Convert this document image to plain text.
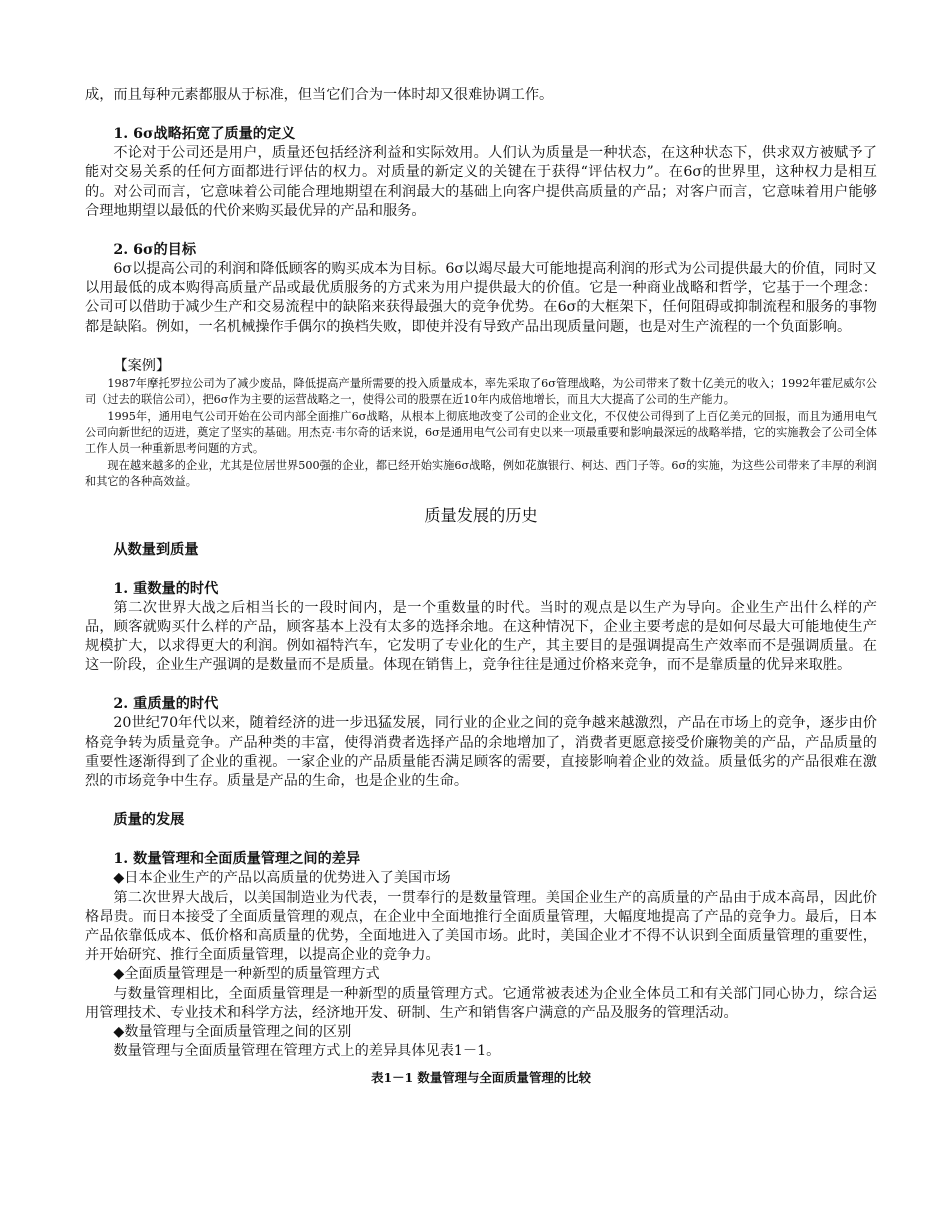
成，而且每种元素都服从于标准，但当它们合为一体时却又很难协调工作。

1. 6σ战略拓宽了质量的定义

不论对于公司还是用户，质量还包括经济利益和实际效用。人们认为质量是一种状态，在这种状态下，供求双方被赋予了能对交易关系的任何方面都进行评估的权力。对质量的新定义的关键在于获得“评估权力”。在6σ的世界里，这种权力是相互的。对公司而言，它意味着公司能合理地期望在利润最大的基础上向客户提供高质量的产品；对客户而言，它意味着用户能够合理地期望以最低的代价来购买最优异的产品和服务。

2. 6σ的目标

6σ以提高公司的利润和降低顾客的购买成本为目标。6σ以竭尽最大可能地提高利润的形式为公司提供最大的价值，同时又以用最低的成本购得高质量产品或最优质服务的方式来为用户提供最大的价值。它是一种商业战略和哲学，它基于一个理念：公司可以借助于减少生产和交易流程中的缺陷来获得最强大的竞争优势。在6σ的大框架下，任何阻碍或抑制流程和服务的事物都是缺陷。例如，一名机械操作手偶尔的换档失败，即使并没有导致产品出现质量问题，也是对生产流程的一个负面影响。

【案例】

1987年摩托罗拉公司为了减少废品，降低提高产量所需要的投入质量成本，率先采取了6σ管理战略，为公司带来了数十亿美元的收入；1992年霍尼威尔公司（过去的联信公司），把6σ作为主要的运营战略之一，使得公司的股票在近10年内成倍地增长，而且大大提高了公司的生产能力。

1995年，通用电气公司开始在公司内部全面推广6σ战略，从根本上彻底地改变了公司的企业文化，不仅使公司得到了上百亿美元的回报，而且为通用电气公司向新世纪的迈进，奠定了坚实的基础。用杰克·韦尔奇的话来说，6σ是通用电气公司有史以来一项最重要和影响最深远的战略举措，它的实施教会了公司全体工作人员一种重新思考问题的方式。

现在越来越多的企业，尤其是位居世界500强的企业，都已经开始实施6σ战略，例如花旗银行、柯达、西门子等。6σ的实施，为这些公司带来了丰厚的利润和其它的各种高效益。

质量发展的历史

从数量到质量

1. 重数量的时代

第二次世界大战之后相当长的一段时间内，是一个重数量的时代。当时的观点是以生产为导向。企业生产出什么样的产品，顾客就购买什么样的产品，顾客基本上没有太多的选择余地。在这种情况下，企业主要考虑的是如何尽最大可能地使生产规模扩大，以求得更大的利润。例如福特汽车，它发明了专业化的生产，其主要目的是强调提高生产效率而不是强调质量。在这一阶段，企业生产强调的是数量而不是质量。体现在销售上，竞争往往是通过价格来竞争，而不是靠质量的优异来取胜。

2. 重质量的时代

20世纪70年代以来，随着经济的进一步迅猛发展，同行业的企业之间的竞争越来越激烈，产品在市场上的竞争，逐步由价格竞争转为质量竞争。产品种类的丰富，使得消费者选择产品的余地增加了，消费者更愿意接受价廉物美的产品，产品质量的重要性逐渐得到了企业的重视。一家企业的产品质量能否满足顾客的需要，直接影响着企业的效益。质量低劣的产品很难在激烈的市场竞争中生存。质量是产品的生命，也是企业的生命。

质量的发展

1. 数量管理和全面质量管理之间的差异

◆日本企业生产的产品以高质量的优势进入了美国市场

第二次世界大战后，以美国制造业为代表，一贯奉行的是数量管理。美国企业生产的高质量的产品由于成本高昂，因此价格昂贵。而日本接受了全面质量管理的观点，在企业中全面地推行全面质量管理，大幅度地提高了产品的竞争力。最后，日本产品依靠低成本、低价格和高质量的优势，全面地进入了美国市场。此时，美国企业才不得不认识到全面质量管理的重要性，并开始研究、推行全面质量管理，以提高企业的竞争力。

◆全面质量管理是一种新型的质量管理方式

与数量管理相比，全面质量管理是一种新型的质量管理方式。它通常被表述为企业全体员工和有关部门同心协力，综合运用管理技术、专业技术和科学方法，经济地开发、研制、生产和销售客户满意的产品及服务的管理活动。

◆数量管理与全面质量管理之间的区别

数量管理与全面质量管理在管理方式上的差异具体见表1－1。

表1－1 数量管理与全面质量管理的比较
